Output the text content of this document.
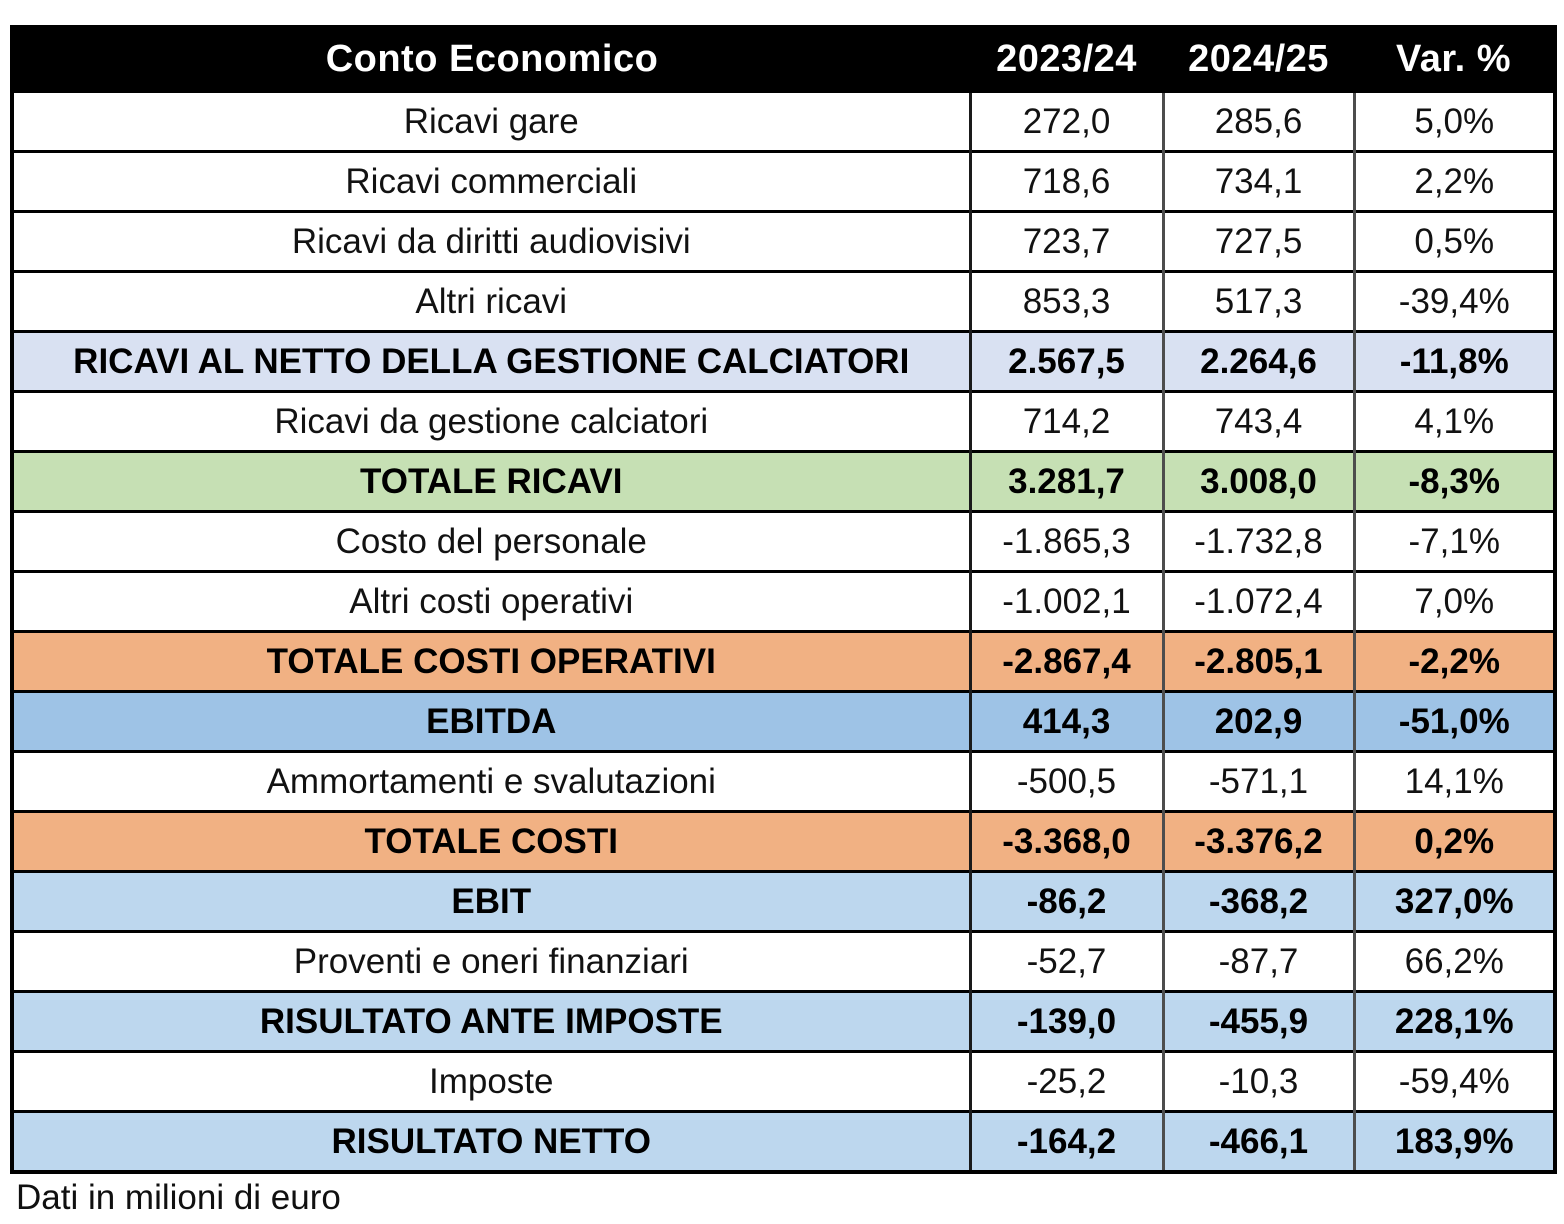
Conto Economico	2023/24	2024/25	Var. %
Ricavi gare	272,0	285,6	5,0%
Ricavi commerciali	718,6	734,1	2,2%
Ricavi da diritti audiovisivi	723,7	727,5	0,5%
Altri ricavi	853,3	517,3	-39,4%
RICAVI AL NETTO DELLA GESTIONE CALCIATORI	2.567,5	2.264,6	-11,8%
Ricavi da gestione calciatori	714,2	743,4	4,1%
TOTALE RICAVI	3.281,7	3.008,0	-8,3%
Costo del personale	-1.865,3	-1.732,8	-7,1%
Altri costi operativi	-1.002,1	-1.072,4	7,0%
TOTALE COSTI OPERATIVI	-2.867,4	-2.805,1	-2,2%
EBITDA	414,3	202,9	-51,0%
Ammortamenti e svalutazioni	-500,5	-571,1	14,1%
TOTALE COSTI	-3.368,0	-3.376,2	0,2%
EBIT	-86,2	-368,2	327,0%
Proventi e oneri finanziari	-52,7	-87,7	66,2%
RISULTATO ANTE IMPOSTE	-139,0	-455,9	228,1%
Imposte	-25,2	-10,3	-59,4%
RISULTATO NETTO	-164,2	-466,1	183,9%
Dati in milioni di euro
